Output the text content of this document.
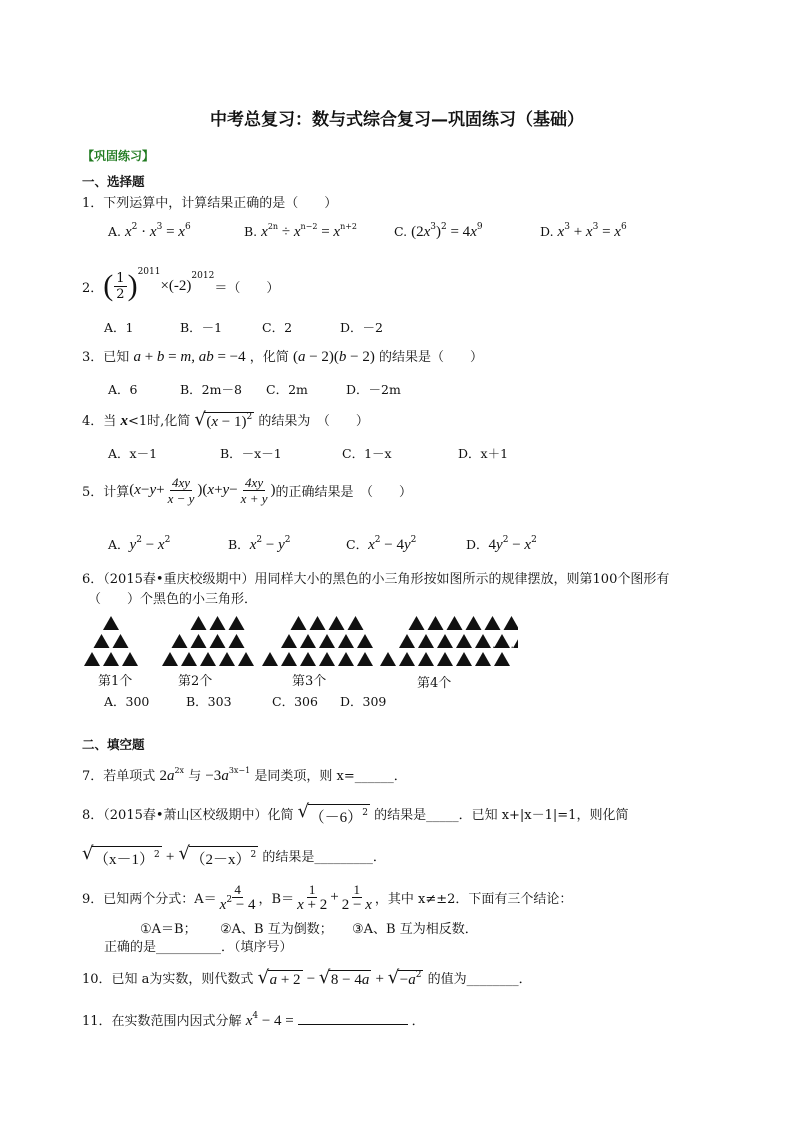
中考总复习：数与式综合复习—巩固练习（基础）
【巩固练习】
一、选择题
1．下列运算中，计算结果正确的是（　　）
A. $x^2 \cdot x^3 = x^6$	B. $x^{2n} \div x^{n-2} = x^{n+2}$	C. $(2x^3)^2 = 4x^9$	D. $x^3 + x^3 = x^6$
2． ( $\frac{1}{2}$ ) 2011
×(-2)
2012
＝（　　）
A．1	B．－1	C．2	D．－2
3．已知 a + b = m, ab = −4 ，化简 (a − 2)(b − 2) 的结果是（　　）
A．6	B．2m－8 C．2m	D．－2m
4．当 x<1时,化简 √ $(x - 1)^2$ 的结果为　（　　）
A．x－1	B．－x－1	C．1－x	D．x＋1
5． 计算 ( $x - y + \frac{4xy}{x - y}$ )( $x + y - \frac{4xy}{x + y}$ ) 的正确结果是　（　　）
A．$y^2 - x^2$	B．$x^2 - y^2$	C．$x^2 - 4y^2$	D．$4y^2 - x^2$
6．（2015春•重庆校级期中）用同样大小的黑色的小三角形按如图所示的规律摆放，则第100个图形有
（　　）个黑色的小三角形．
第1个	第2个	第3个	第4个
……
A．300	B．303	C．306 D．309
二、填空题
7．若单项式 $2a^{2x}$ 与 $-3a^{3x-1}$ 是同类项，则 x=______．
8．（2015春•萧山区校级期中）化简 √ $(-6)^2$ 的结果是_____．已知 x+|x－1|=1，则化简
√ $(x-1)^2$ + √ $(2-x)^2$ 的结果是_________．
9．已知两个分式：$A= \frac{4}{x^2 - 4}$ ，$B= \frac{1}{x + 2} + \frac{1}{2 - x}$ ，其中 x≠±2．下面有三个结论：
①A＝B； ②A、B 互为倒数； ③A、B 互为相反数．
正确的是__________．（填序号）
10．已知 a为实数，则代数式 √ a + 2 − √ 8 − 4a + √ $-a^2$ 的值为________．
11．在实数范围内因式分解 $x^4 - 4$ =	．
